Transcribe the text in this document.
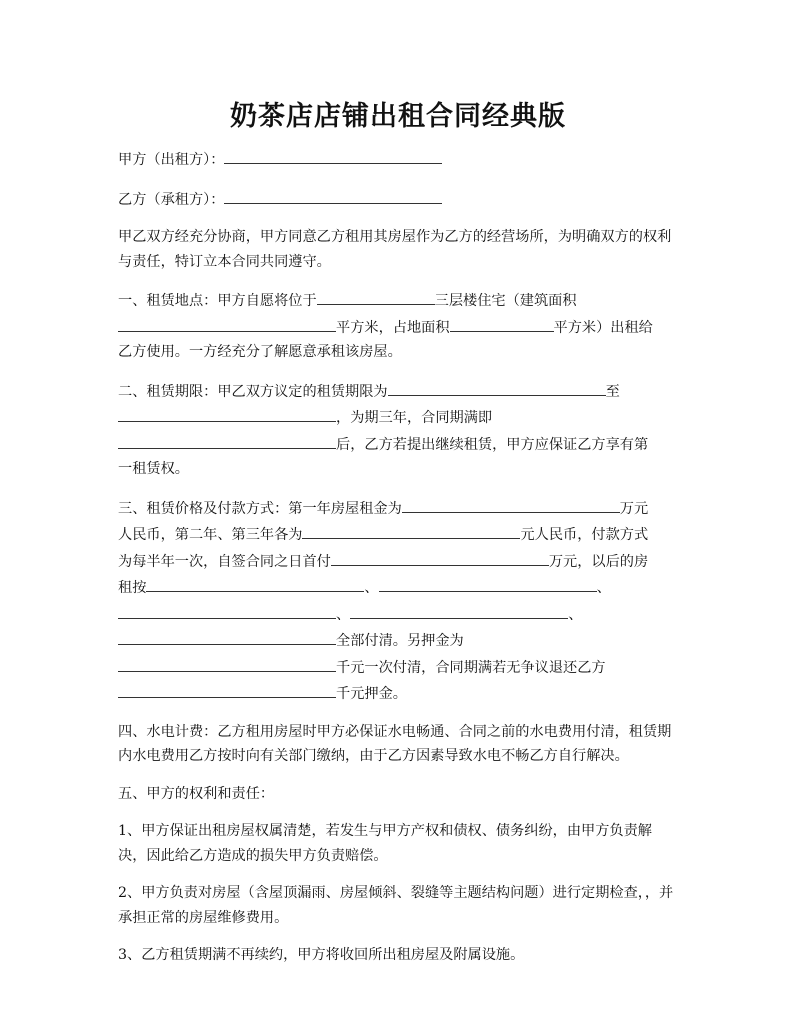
奶茶店店铺出租合同经典版

甲方（出租方）：

乙方（承租方）：

甲乙双方经充分协商，甲方同意乙方租用其房屋作为乙方的经营场所，为明确双方的权利与责任，特订立本合同共同遵守。

一、租赁地点：甲方自愿将位于	三层楼住宅（建筑面积
平方米，占地面积	平方米）出租给
乙方使用。一方经充分了解愿意承租该房屋。

二、租赁期限：甲乙双方议定的租赁期限为	至
，为期三年，合同期满即
后，乙方若提出继续租赁，甲方应保证乙方享有第
一租赁权。

三、租赁价格及付款方式：第一年房屋租金为	万元
人民币，第二年、第三年各为	元人民币，付款方式
为每半年一次，自签合同之日首付	万元，以后的房
租按	、	、
、	、
全部付清。另押金为
千元一次付清，合同期满若无争议退还乙方
千元押金。

四、水电计费：乙方租用房屋时甲方必保证水电畅通、合同之前的水电费用付清，租赁期内水电费用乙方按时向有关部门缴纳，由于乙方因素导致水电不畅乙方自行解决。

五、甲方的权利和责任：

1、甲方保证出租房屋权属清楚，若发生与甲方产权和债权、债务纠纷，由甲方负责解决，因此给乙方造成的损失甲方负责赔偿。

2、甲方负责对房屋（含屋顶漏雨、房屋倾斜、裂缝等主题结构问题）进行定期检查，，并承担正常的房屋维修费用。

3、乙方租赁期满不再续约，甲方将收回所出租房屋及附属设施。
